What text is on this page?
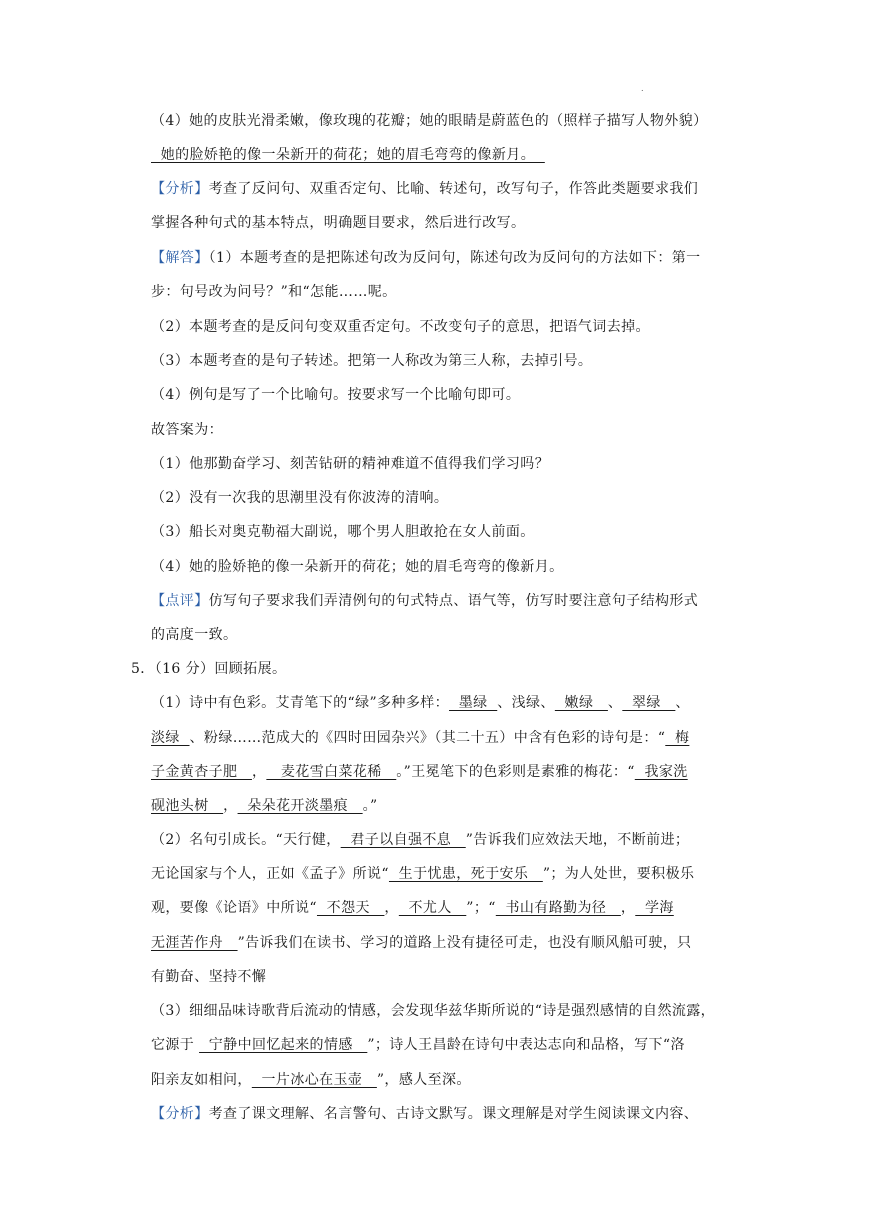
.
（4）她的皮肤光滑柔嫩，像玫瑰的花瓣；她的眼睛是蔚蓝色的（照样子描写人物外貌）
她的脸娇艳的像一朵新开的荷花；她的眉毛弯弯的像新月。
【分析】考查了反问句、双重否定句、比喻、转述句，改写句子，作答此类题要求我们
掌握各种句式的基本特点，明确题目要求，然后进行改写。
【解答】（1）本题考查的是把陈述句改为反问句，陈述句改为反问句的方法如下：第一
步：句号改为问号？”和“怎能……呢。
（2）本题考查的是反问句变双重否定句。不改变句子的意思，把语气词去掉。
（3）本题考查的是句子转述。把第一人称改为第三人称，去掉引号。
（4）例句是写了一个比喻句。按要求写一个比喻句即可。
故答案为：
（1）他那勤奋学习、刻苦钻研的精神难道不值得我们学习吗？
（2）没有一次我的思潮里没有你波涛的清响。
（3）船长对奥克勒福大副说，哪个男人胆敢抢在女人前面。
（4）她的脸娇艳的像一朵新开的荷花；她的眉毛弯弯的像新月。
【点评】仿写句子要求我们弄清例句的句式特点、语气等，仿写时要注意句子结构形式
的高度一致。
5．（16 分）回顾拓展。
（1）诗中有色彩。艾青笔下的“绿”多种多样：  墨绿  、浅绿、  嫩绿   、  翠绿   、
淡绿  、粉绿……范成大的《四时田园杂兴》（其二十五）中含有色彩的诗句是：“  梅
子金黄杏子肥   ，   麦花雪白菜花稀   。”王冕笔下的色彩则是素雅的梅花：“  我家洗
砚池头树   ，  朵朵花开淡墨痕   。”
（2）名句引成长。“天行健，  君子以自强不息   ”告诉我们应效法天地，不断前进；
无论国家与个人，正如《孟子》所说“  生于忧患，死于安乐   ”；为人处世，要积极乐
观，要像《论语》中所说“  不怨天   ，  不尤人   ”；“  书山有路勤为径   ，  学海
无涯苦作舟   ”告诉我们在读书、学习的道路上没有捷径可走，也没有顺风船可驶，只
有勤奋、坚持不懈
（3）细细品味诗歌背后流动的情感，会发现华兹华斯所说的“诗是强烈感情的自然流露，
它源于   宁静中回忆起来的情感   ”；诗人王昌龄在诗句中表达志向和品格，写下“洛
阳亲友如相问，  一片冰心在玉壶   ”，感人至深。
【分析】考查了课文理解、名言警句、古诗文默写。课文理解是对学生阅读课文内容、
